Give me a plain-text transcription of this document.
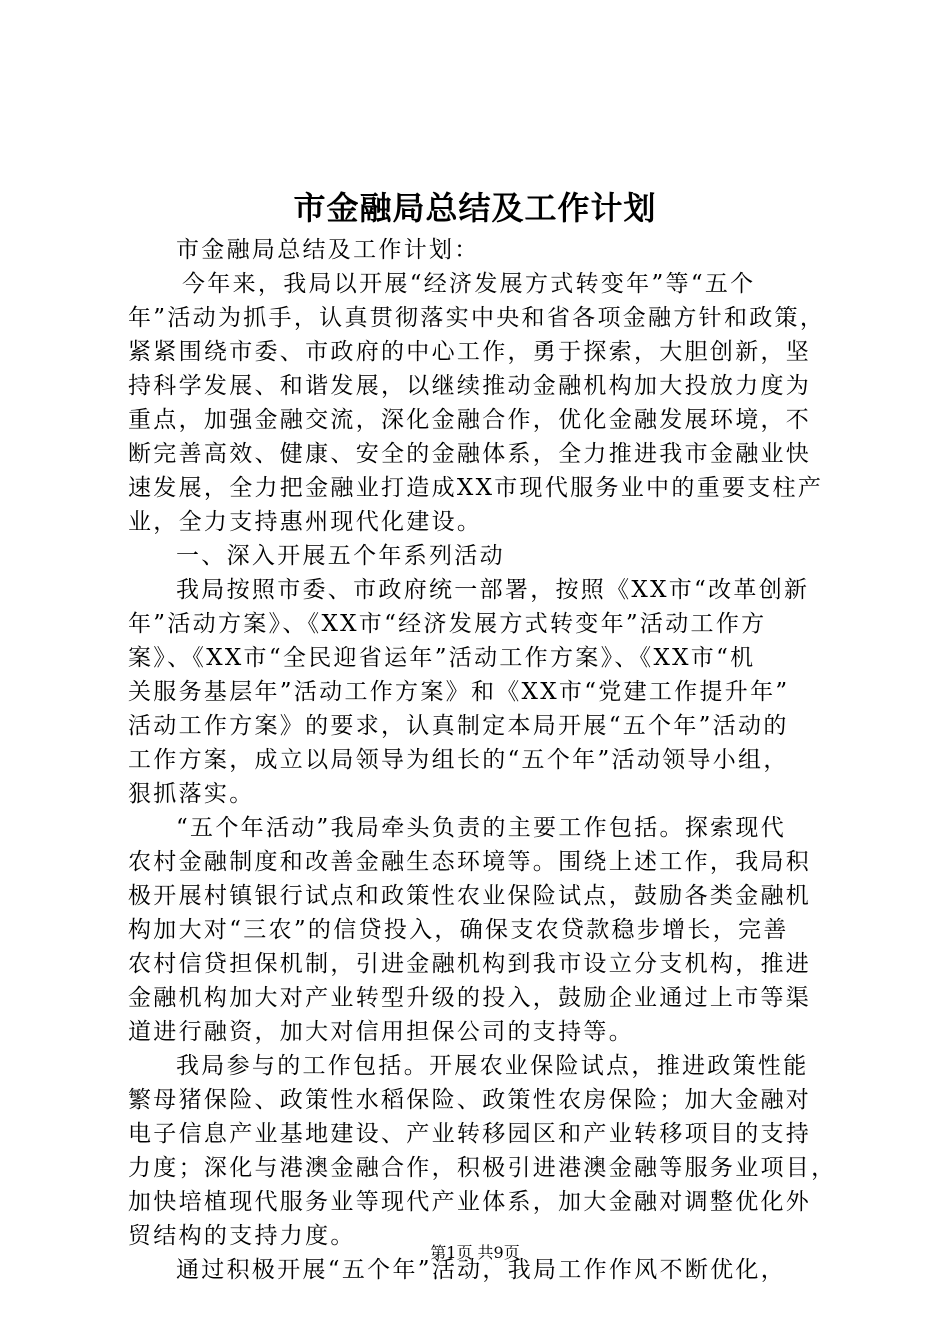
市金融局总结及工作计划
市金融局总结及工作计划：
今年来，我局以开展“经济发展方式转变年”等“五个
年”活动为抓手，认真贯彻落实中央和省各项金融方针和政策，
紧紧围绕市委、市政府的中心工作，勇于探索，大胆创新，坚
持科学发展、和谐发展，以继续推动金融机构加大投放力度为
重点，加强金融交流，深化金融合作，优化金融发展环境，不
断完善高效、健康、安全的金融体系，全力推进我市金融业快
速发展，全力把金融业打造成XX市现代服务业中的重要支柱产
业，全力支持惠州现代化建设。
一、深入开展五个年系列活动
我局按照市委、市政府统一部署，按照《XX市“改革创新
年”活动方案》、《XX市“经济发展方式转变年”活动工作方
案》、《XX市“全民迎省运年”活动工作方案》、《XX市“机
关服务基层年”活动工作方案》和《XX市“党建工作提升年”
活动工作方案》的要求，认真制定本局开展“五个年”活动的
工作方案，成立以局领导为组长的“五个年”活动领导小组，
狠抓落实。
“五个年活动”我局牵头负责的主要工作包括。探索现代
农村金融制度和改善金融生态环境等。围绕上述工作，我局积
极开展村镇银行试点和政策性农业保险试点，鼓励各类金融机
构加大对“三农”的信贷投入，确保支农贷款稳步增长，完善
农村信贷担保机制，引进金融机构到我市设立分支机构，推进
金融机构加大对产业转型升级的投入，鼓励企业通过上市等渠
道进行融资，加大对信用担保公司的支持等。
我局参与的工作包括。开展农业保险试点，推进政策性能
繁母猪保险、政策性水稻保险、政策性农房保险；加大金融对
电子信息产业基地建设、产业转移园区和产业转移项目的支持
力度；深化与港澳金融合作，积极引进港澳金融等服务业项目，
加快培植现代服务业等现代产业体系，加大金融对调整优化外
贸结构的支持力度。
通过积极开展“五个年”活动，我局工作作风不断优化，
第1页 共9页
